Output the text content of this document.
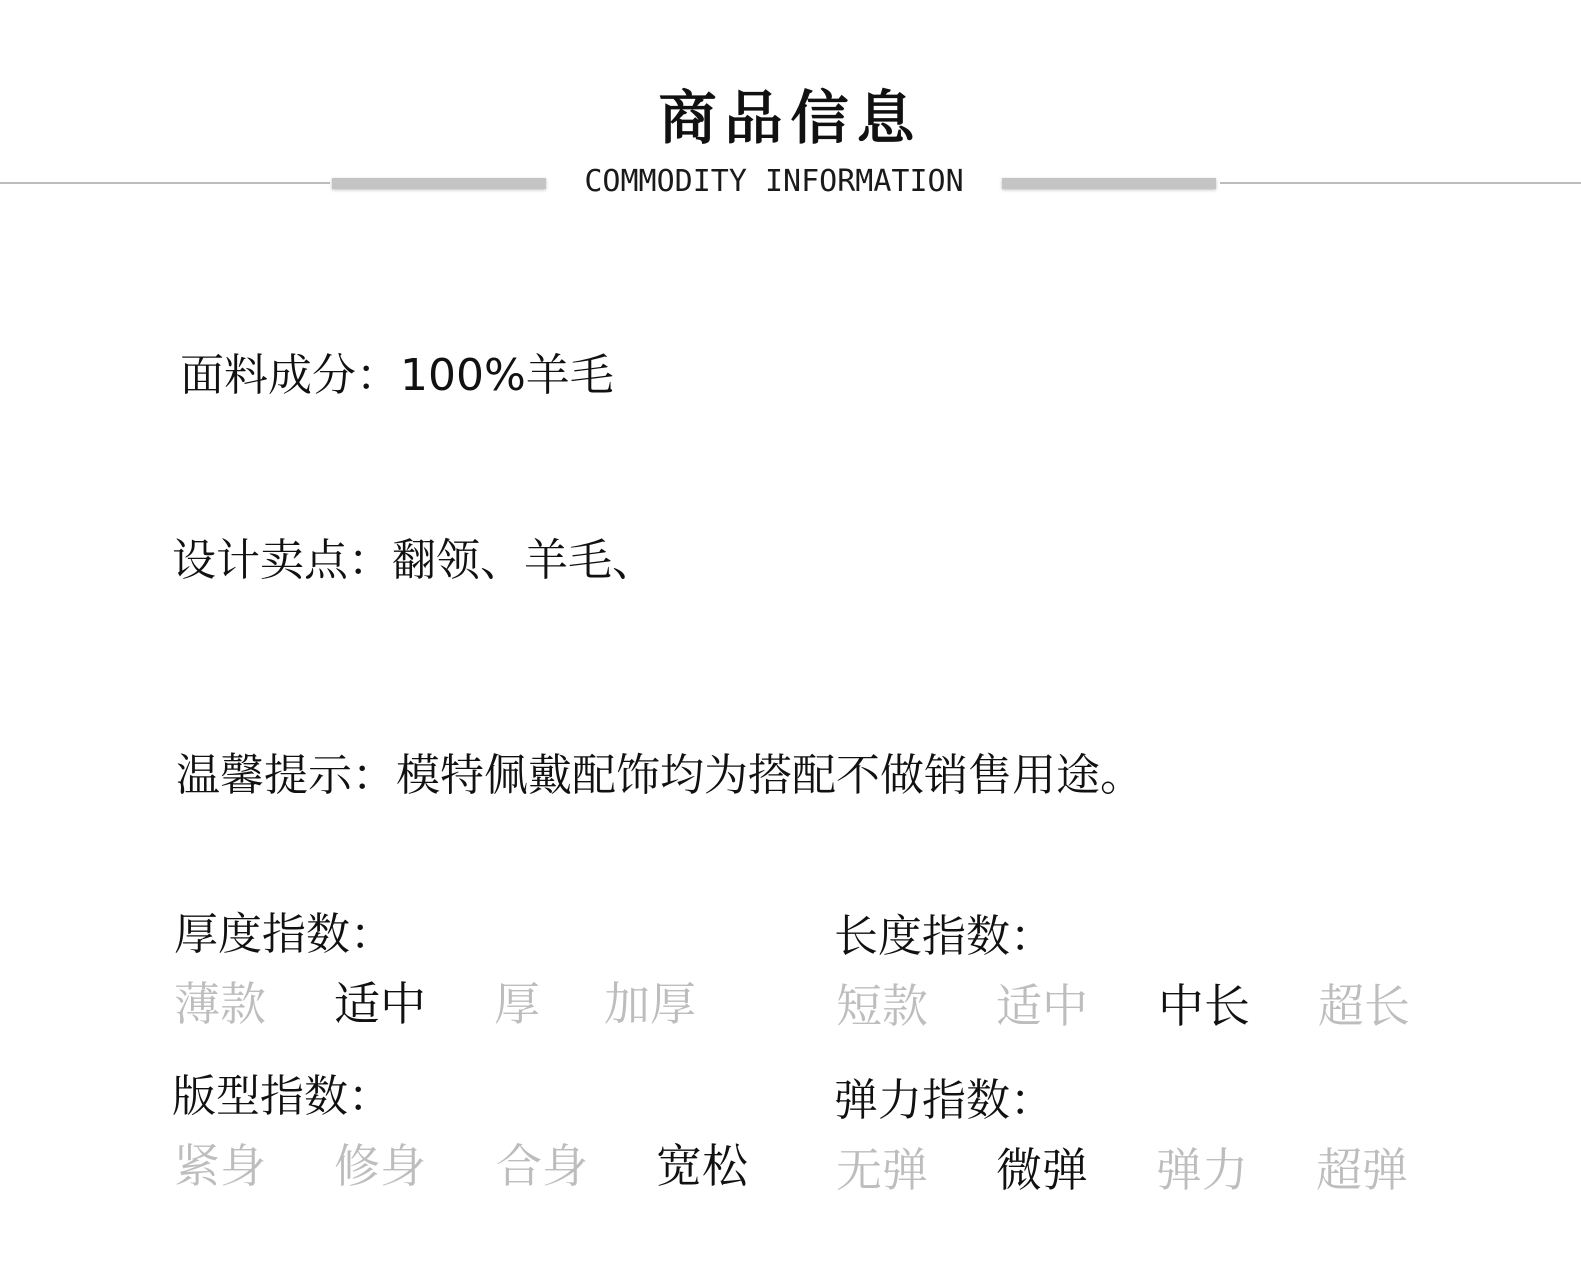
商品信息
COMMODITY INFORMATION
面料成分：100%羊毛
设计卖点：翻领、羊毛、
温馨提示：模特佩戴配饰均为搭配不做销售用途。
厚度指数：
薄款 适中 厚 加厚
长度指数：
短款 适中 中长 超长
版型指数：
紧身 修身 合身 宽松
弹力指数：
无弹 微弹 弹力 超弹
